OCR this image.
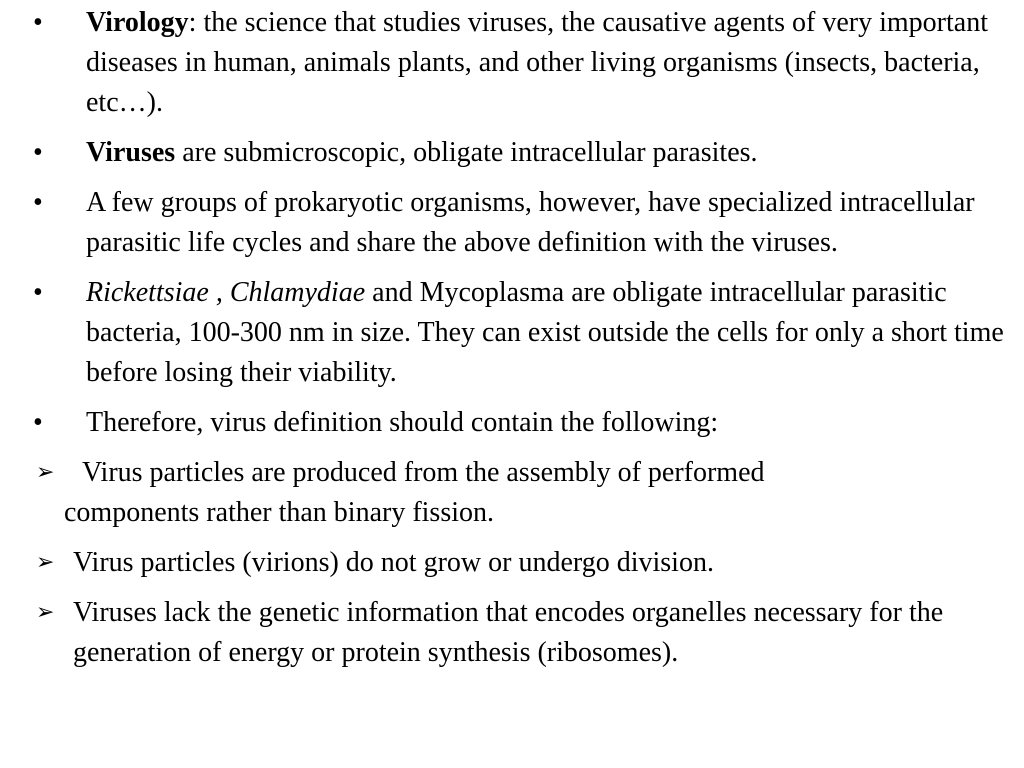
• Virology: the science that studies viruses, the causative agents of very important diseases in human, animals plants, and other living organisms (insects, bacteria, etc…).
• Viruses are submicroscopic, obligate intracellular parasites.
• A few groups of prokaryotic organisms, however, have specialized intracellular parasitic life cycles and share the above definition with the viruses.
• Rickettsiae , Chlamydiae and Mycoplasma are obligate intracellular parasitic bacteria, 100-300 nm in size. They can exist outside the cells for only a short time before losing their viability.
• Therefore, virus definition should contain the following:
➢ Virus particles are produced from the assembly of performed
components rather than binary fission.
➢ Virus particles (virions) do not grow or undergo division.
➢ Viruses lack the genetic information that encodes organelles necessary for the generation of energy or protein synthesis (ribosomes).
